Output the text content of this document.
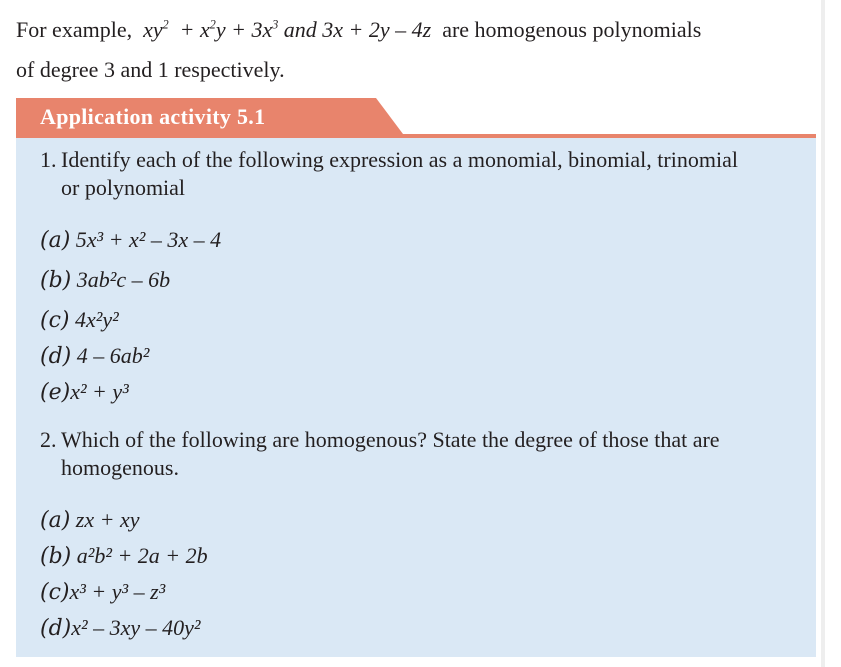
For example, $xy^2 + x^2y + 3x^3$ and 3x + 2y – 4z are homogenous polynomials
of degree 3 and 1 respectively.
Application activity 5.1
1. Identify each of the following expression as a monomial, binomial, trinomial
or polynomial
(a) 5x³ + x² – 3x – 4
(b) 3ab²c – 6b
(c) 4x²y²
(d) 4 – 6ab²
(e)x² + y³
2. Which of the following are homogenous? State the degree of those that are
homogenous.
(a) zx + xy
(b) a²b² + 2a + 2b
(c)x³ + y³ – z³
(d)x² – 3xy – 40y²
